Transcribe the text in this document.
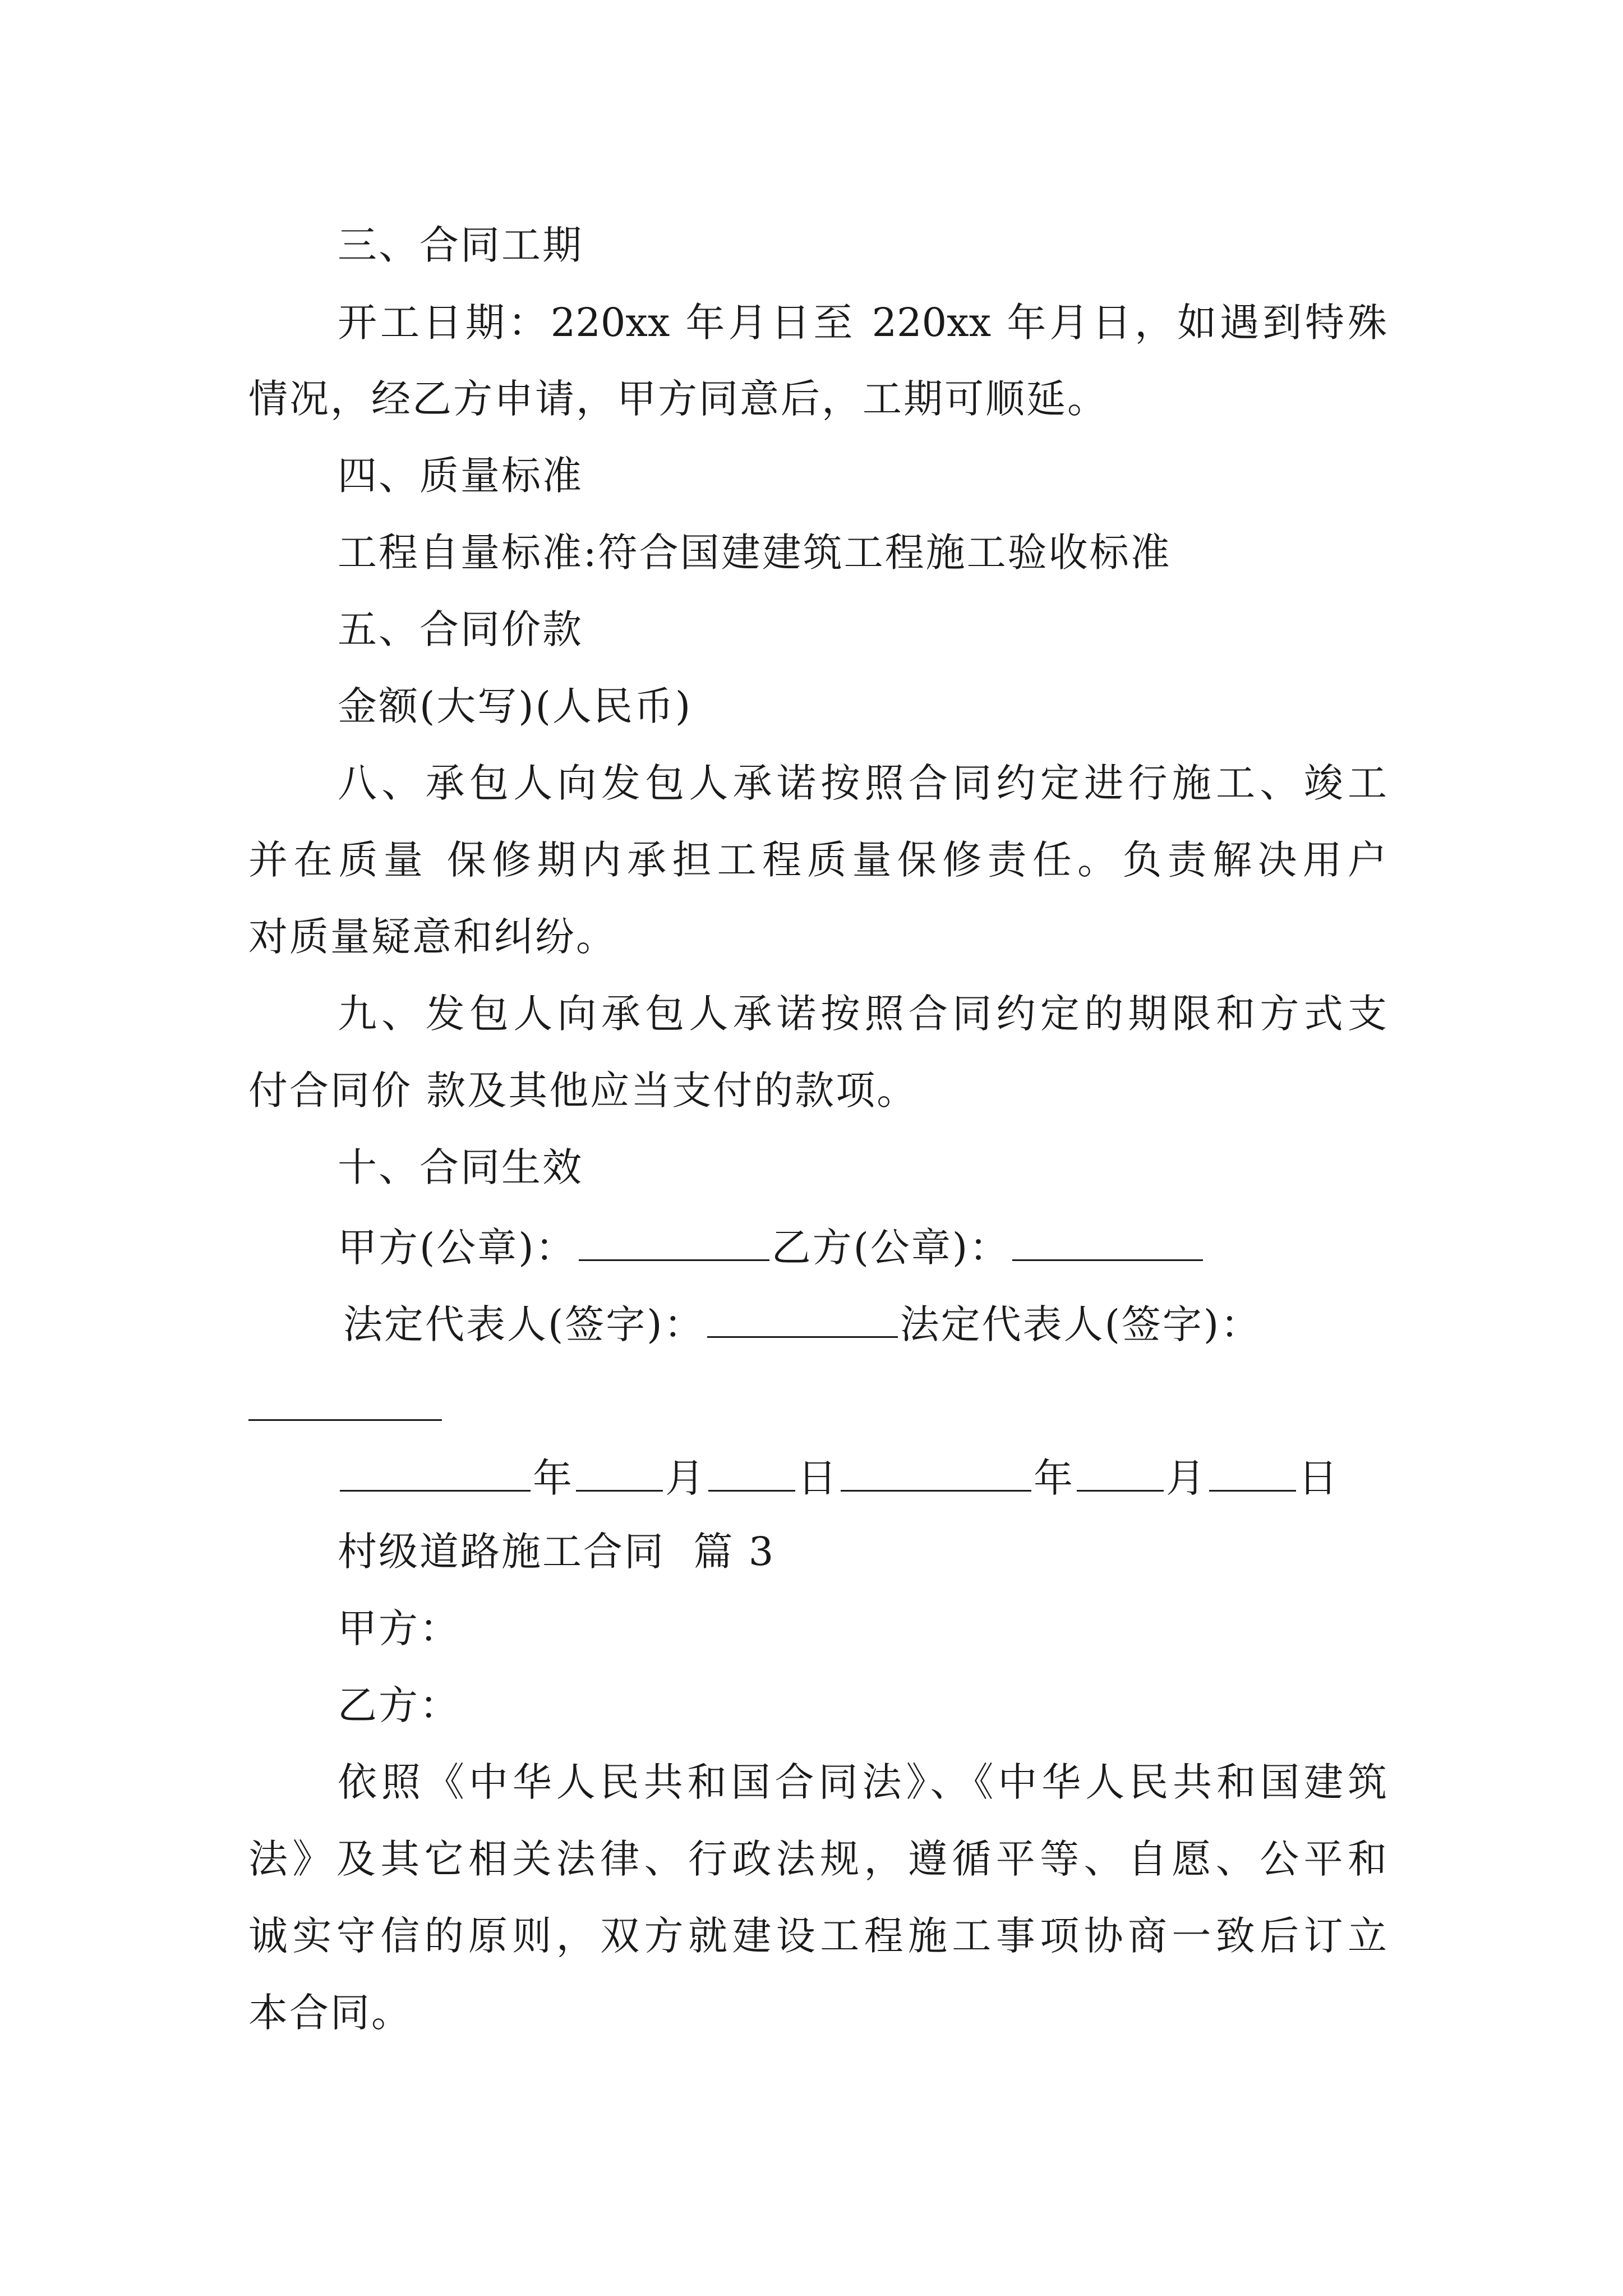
三、合同工期
开工日期：220xx 年月日至 220xx 年月日，如遇到特殊
情况，经乙方申请，甲方同意后，工期可顺延。
四、质量标准
工程自量标准:符合国建建筑工程施工验收标准
五、合同价款
金额(大写)(人民币)
八、承包人向发包人承诺按照合同约定进行施工、竣工
并在质量 保修期内承担工程质量保修责任。负责解决用户
对质量疑意和纠纷。
九、发包人向承包人承诺按照合同约定的期限和方式支
付合同价 款及其他应当支付的款项。
十、合同生效
甲方(公章)：	乙方(公章)：
法定代表人(签字)：	法定代表人(签字)：
年 月 日	年 月 日
村级道路施工合同  篇 3
甲方：
乙方：
依照《中华人民共和国合同法》、《中华人民共和国建筑
法》及其它相关法律、行政法规，遵循平等、自愿、公平和
诚实守信的原则，双方就建设工程施工事项协商一致后订立
本合同。
